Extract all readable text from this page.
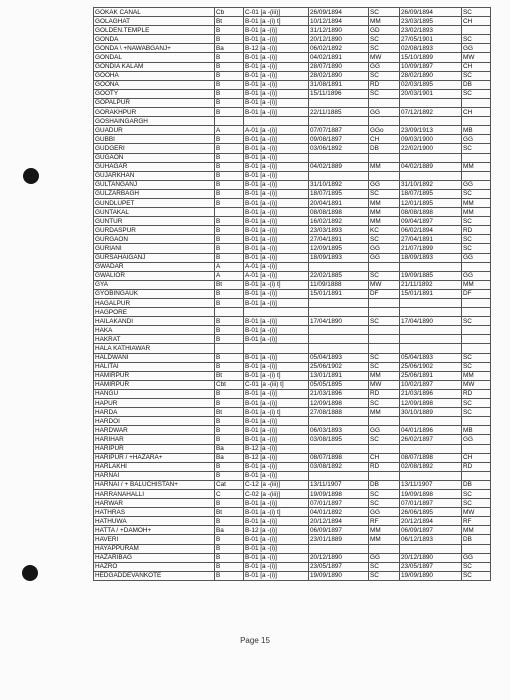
GOKAK CANAL	Cb	C-01 [a -(iii)]	26/09/1894	SC	26/09/1894	SC
GOLAGHAT	Bt	B-01 [a -(i) t]	10/12/1894	MM	23/03/1895	CH
GOLDEN.TEMPLE	B	B-01 [a -(i)]	31/12/1890	GD	23/02/1893	
GONDA	B	B-01 [a -(i)]	20/12/1890	SC	27/05/1901	SC
GONDA \ +NAWABGANJ+	Ba	B-12 [a -(i)]	06/02/1892	SC	02/08/1893	GG
GONDAL	B	B-01 [a -(i)]	04/02/1891	MW	15/10/1899	MW
GONDIA KALAM	B	B-01 [a -(i)]	28/07/1890	GG	10/09/1897	CH
GOOHA	B	B-01 [a -(i)]	28/02/1890	SC	28/02/1890	SC
GOONA	B	B-01 [a -(i)]	31/08/1891	RD	02/03/1895	DB
GOOTY	B	B-01 [a -(i)]	15/11/1896	SC	20/03/1901	SC
GOPALPUR	B	B-01 [a -(i)]				
GORAKHPUR	B	B-01 [a -(i)]	22/11/1885	GG	07/12/1892	CH
GOSHAINGARGH						
GUADUR	A	A-01 [a -(i)]	07/07/1887	GGo	23/09/1913	MB
GUBBI	B	B-01 [a -(i)]	09/08/1897	CH	09/03/1900	GG
GUDGERI	B	B-01 [a -(i)]	03/06/1892	DB	22/02/1900	SC
GUGAON	B	B-01 [a -(i)]				
GUHAGAR	B	B-01 [a -(i)]	04/02/1889	MM	04/02/1889	MM
GUJARKHAN	B	B-01 [a -(i)]				
GULTANGANJ	B	B-01 [a -(i)]	31/10/1892	GG	31/10/1892	GG
GULZARBAGH	B	B-01 [a -(i)]	18/07/1895	SC	18/07/1895	SC
GUNDLUPET	B	B-01 [a -(i)]	20/04/1891	MM	12/01/1895	MM
GUNTAKAL		B-01 [a -(i)]	08/08/1898	MM	08/08/1898	MM
GUNTUR	B	B-01 [a -(i)]	16/02/1892	MM	09/04/1897	SC
GURDASPUR	B	B-01 [a -(i)]	23/03/1893	KC	06/02/1894	RD
GURGAON	B	B-01 [a -(i)]	27/04/1891	SC	27/04/1891	SC
GURIANI	B	B-01 [a -(i)]	12/09/1895	GG	21/07/1899	SC
GURSAHAIGANJ	B	B-01 [a -(i)]	18/09/1893	GG	18/09/1893	GG
GWADAR	A	A-01 [a -(i)]				
GWALIOR	A	A-01 [a -(i)]	22/02/1885	SC	19/09/1885	GG
GYA	Bt	B-01 [a -(i) t]	11/09/1888	MW	21/11/1892	MM
GYOBINGAUK	B	B-01 [a -(i)]	15/01/1891	DF	15/01/1891	DF
HAGALPUR	B	B-01 [a -(i)]				
HAGPORE						
HAILAKANDI	B	B-01 [a -(i)]	17/04/1890	SC	17/04/1890	SC
HAKA	B	B-01 [a -(i)]				
HAKRAT	B	B-01 [a -(i)]				
HALA KATHIAWAR						
HALDWANI	B	B-01 [a -(i)]	05/04/1893	SC	05/04/1893	SC
HALITAI	B	B-01 [a -(i)]	25/06/1902	SC	25/06/1902	SC
HAMIRPUR	Bt	B-01 [a -(i) t]	13/01/1891	MM	25/06/1891	MM
HAMIRPUR	Cbt	C-01 [a -(iii) t]	05/05/1895	MW	10/02/1897	MW
HANGU	B	B-01 [a -(i)]	21/03/1896	RD	21/03/1896	RD
HAPUR	B	B-01 [a -(i)]	12/09/1898	SC	12/09/1898	SC
HARDA	Bt	B-01 [a -(i) t]	27/08/1888	MM	30/10/1889	SC
HARDOI	B	B-01 [a -(i)]				
HARDWAR	B	B-01 [a -(i)]	06/03/1893	GG	04/01/1896	MB
HARIHAR	B	B-01 [a -(i)]	03/08/1895	SC	26/02/1897	GG
HARIPUR	Ba	B-12 [a -(i)]				
HARIPUR / +HAZARA+	Ba	B-12 [a -(i)]	08/07/1898	CH	08/07/1898	CH
HARLAKHI	B	B-01 [a -(i)]	03/08/1892	RD	02/08/1892	RD
HARNAI	B	B-01 [a -(i)]				
HARNAI / + BALUCHISTAN+	Cat	C-12 [a -(iii)]	13/11/1907	DB	13/11/1907	DB
HARRANAHALLI	C	C-02 [a -(iii)]	19/09/1898	SC	19/09/1898	SC
HARWAR	B	B-01 [a -(i)]	07/01/1897	SC	07/01/1897	SC
HATHRAS	Bt	B-01 [a -(i) t]	04/01/1892	GG	26/06/1895	MW
HATHUWA	B	B-01 [a -(i)]	20/12/1894	RF	20/12/1894	RF
HATTA / +DAMOH+	Ba	B-12 [a -(i)]	06/09/1897	MM	06/09/1897	MM
HAVERI	B	B-01 [a -(i)]	23/01/1889	MM	06/12/1893	DB
HAYAPPURAM	B	B-01 [a -(i)]				
HAZARIBAG	B	B-01 [a -(i)]	20/12/1890	GG	20/12/1890	GG
HAZRO	B	B-01 [a -(i)]	23/05/1897	SC	23/05/1897	SC
HEDGADDEVANKOTE	B	B-01 [a -(i)]	19/09/1890	SC	19/09/1890	SC
Page 15
